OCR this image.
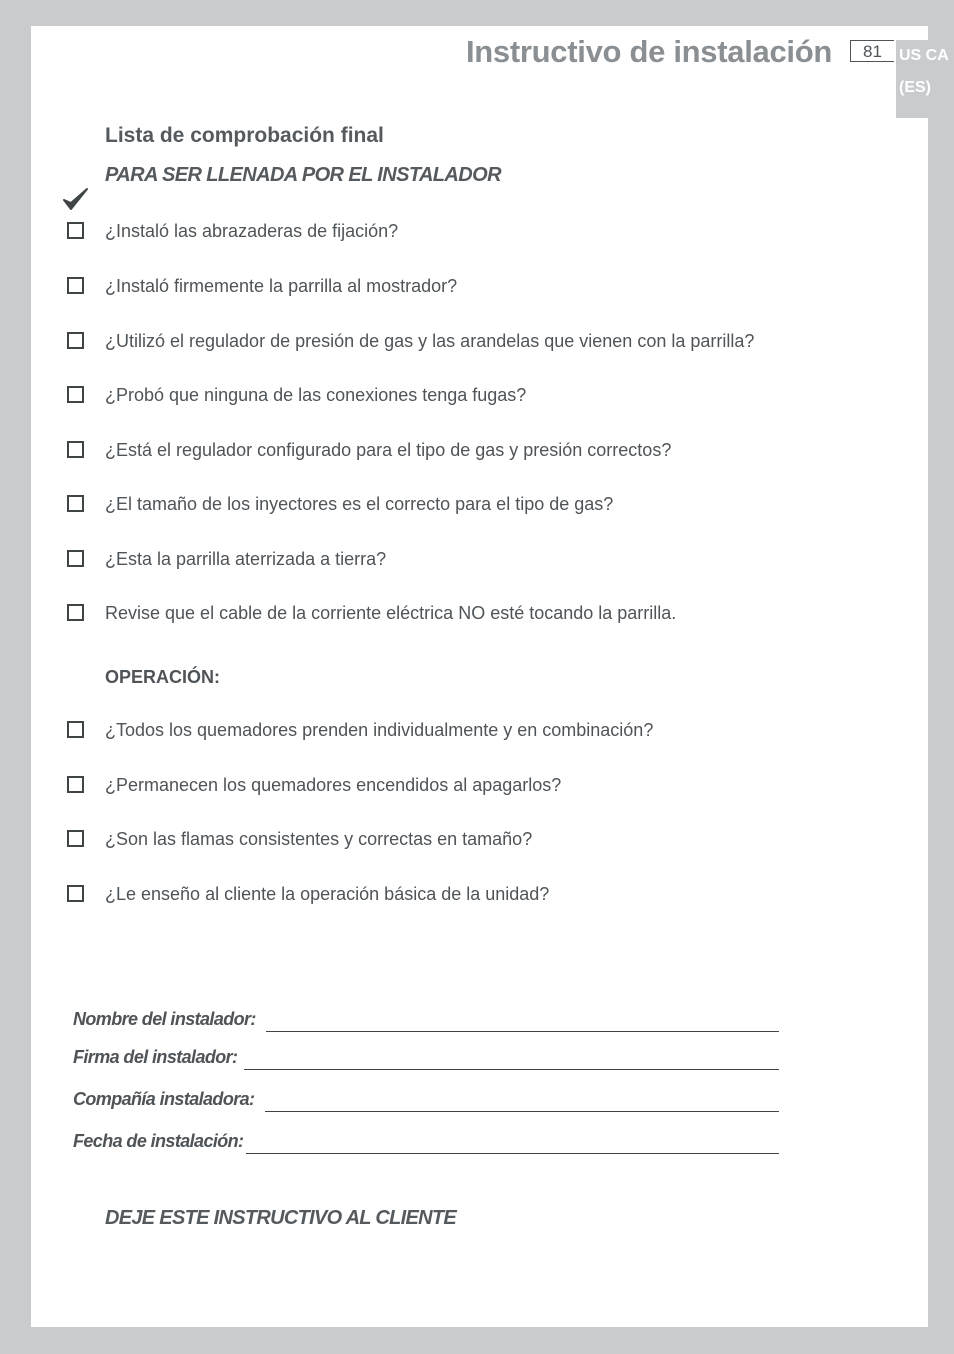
Instructivo de instalación	81	US CA
(ES)
Lista de comprobación final
PARA SER LLENADA POR EL INSTALADOR
¿Instaló las abrazaderas de fijación?
¿Instaló firmemente la parrilla al mostrador?
¿Utilizó el regulador de presión de gas y las arandelas que vienen con la parrilla?
¿Probó que ninguna de las conexiones tenga fugas?
¿Está el regulador configurado para el tipo de gas y presión correctos?
¿El tamaño de los inyectores es el correcto para el tipo de gas?
¿Esta la parrilla aterrizada a tierra?
Revise que el cable de la corriente eléctrica NO esté tocando la parrilla.
OPERACIÓN:
¿Todos los quemadores prenden individualmente y en combinación?
¿Permanecen los quemadores encendidos al apagarlos?
¿Son las flamas consistentes y correctas en tamaño?
¿Le enseño al cliente la operación básica de la unidad?
Nombre del instalador:
Firma del instalador:
Compañía instaladora:
Fecha de instalación:
DEJE ESTE INSTRUCTIVO AL CLIENTE
